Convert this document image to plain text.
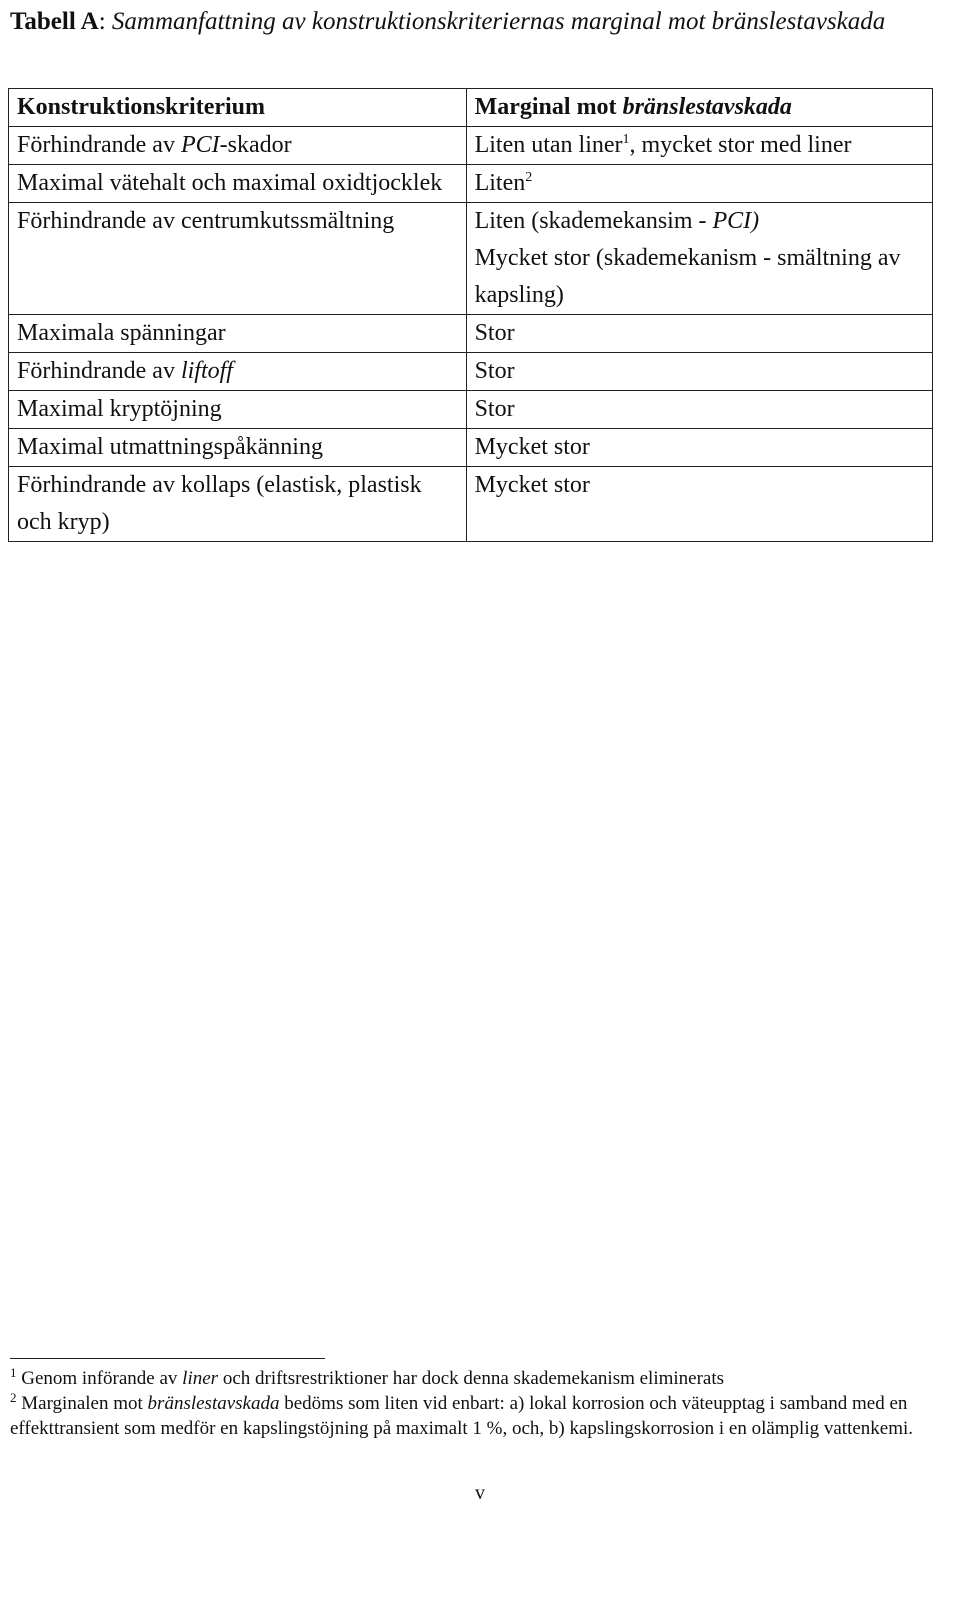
Tabell A: Sammanfattning av konstruktionskriteriernas marginal mot bränslestavskada
Konstruktionskriterium	Marginal mot bränslestavskada
Förhindrande av PCI-skador	Liten utan liner$^1$, mycket stor med liner
Maximal vätehalt och maximal oxidtjocklek	Liten$^2$
Förhindrande av centrumkutssmältning	Liten (skademekansim - PCI)
Mycket stor (skademekanism - smältning av kapsling)

Maximala spänningar	Stor
Förhindrande av liftoff	Stor
Maximal kryptöjning	Stor
Maximal utmattningspåkänning	Mycket stor
Förhindrande av kollaps (elastisk, plastisk och kryp)	Mycket stor

$^1$ Genom införande av liner och driftsrestriktioner har dock denna skademekanism eliminerats

$^2$ Marginalen mot bränslestavskada bedöms som liten vid enbart: a) lokal korrosion och väteupptag i samband med en effekttransient som medför en kapslingstöjning på maximalt 1 %, och, b) kapslingskorrosion i en olämplig vattenkemi.

v
